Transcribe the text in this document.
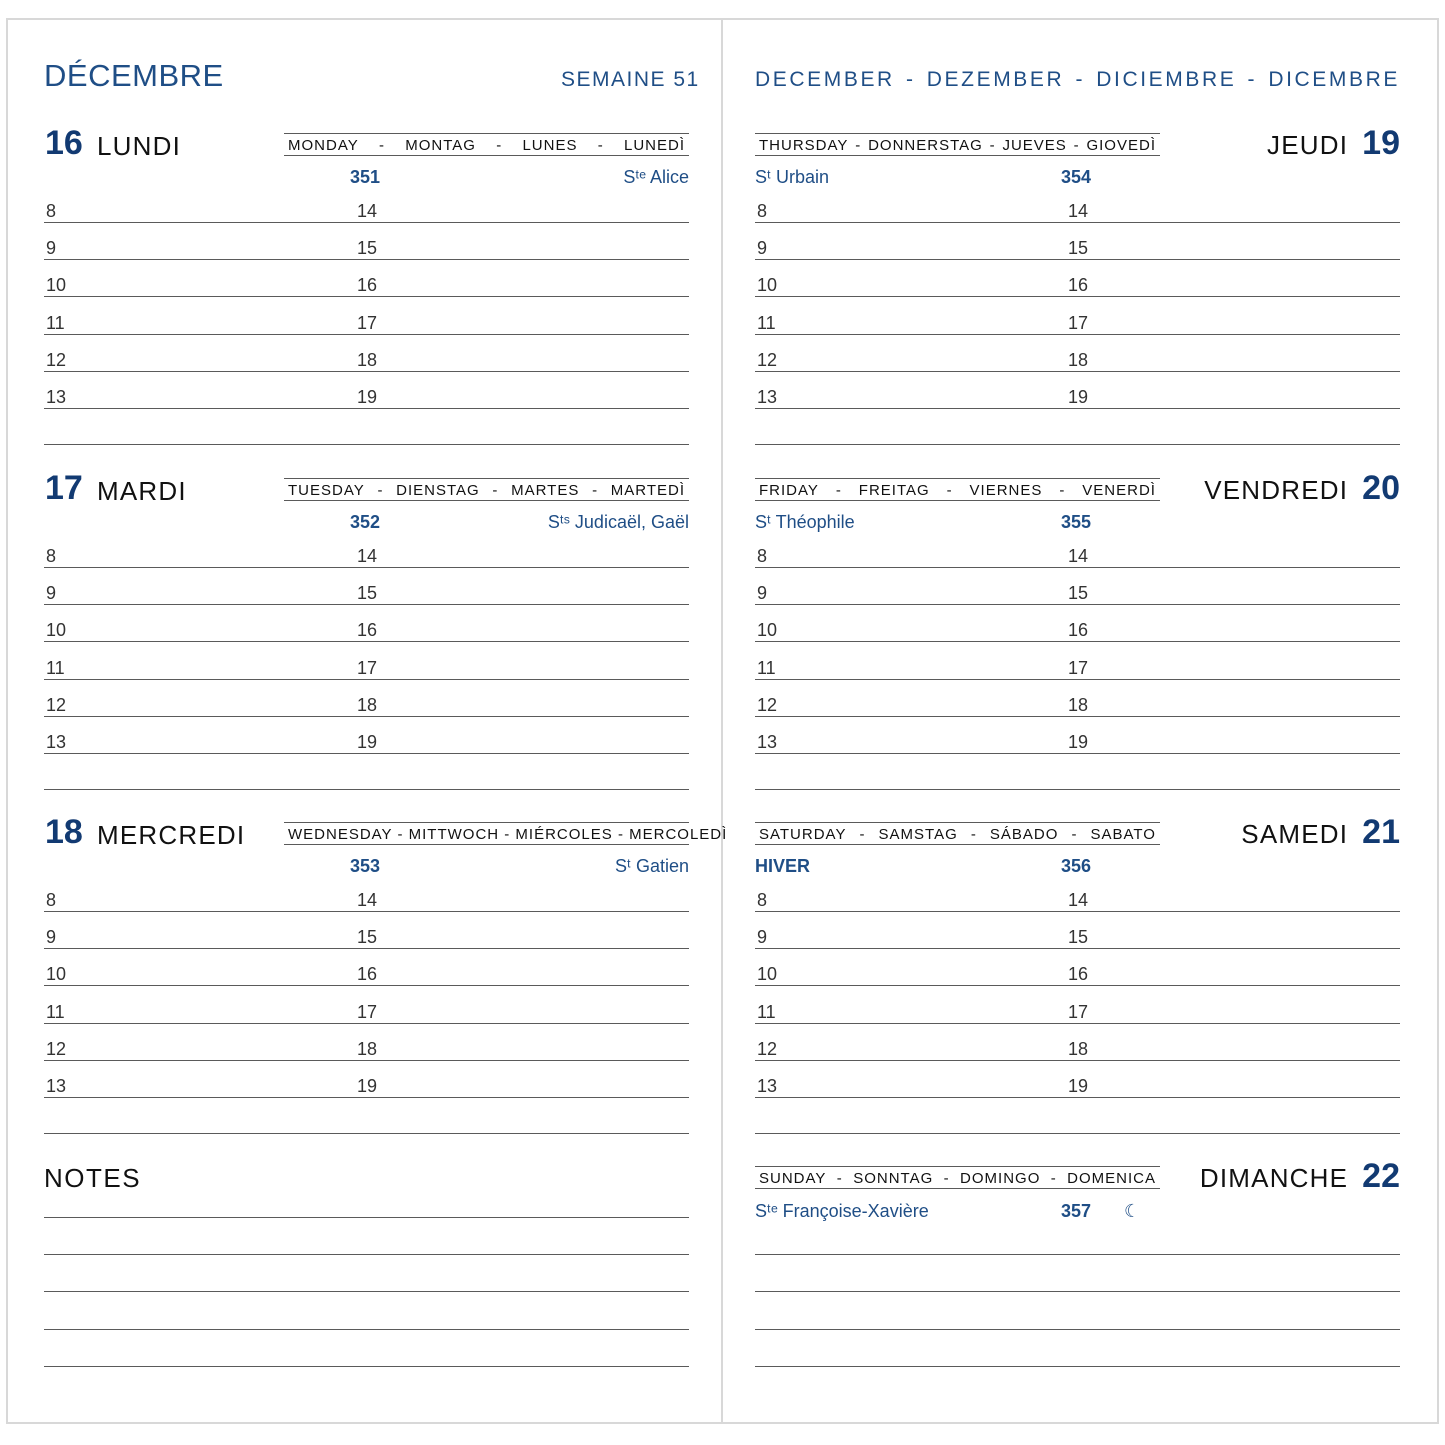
DÉCEMBRE	SEMAINE 51	DECEMBER - DEZEMBER - DICIEMBRE - DICEMBRE
16 LUNDI	MONDAY - MONTAG - LUNES - LUNEDÌ
351	Sᵗᵉ Alice
8	14
9	15
10	16
11	17
12	18
13	19
17 MARDI	TUESDAY - DIENSTAG - MARTES - MARTEDÌ
352	Sᵗˢ Judicaël, Gaël
8	14
9	15
10	16
11	17
12	18
13	19
18 MERCREDI	WEDNESDAY - MITTWOCH - MIÉRCOLES - MERCOLEDÌ
353	Sᵗ Gatien
8	14
9	15
10	16
11	17
12	18
13	19
JEUDI 19
THURSDAY - DONNERSTAG - JUEVES - GIOVEDÌ
Sᵗ Urbain	354
8	14
9	15
10	16
11	17
12	18
13	19
VENDREDI 20
FRIDAY - FREITAG - VIERNES - VENERDÌ
Sᵗ Théophile	355
8	14
9	15
10	16
11	17
12	18
13	19
SAMEDI 21
SATURDAY - SAMSTAG - SÁBADO - SABATO
HIVER	356
8	14
9	15
10	16
11	17
12	18
13	19
NOTES	DIMANCHE 22
SUNDAY - SONNTAG - DOMINGO - DOMENICA
Sᵗᵉ Françoise-Xavière	357 ☾
